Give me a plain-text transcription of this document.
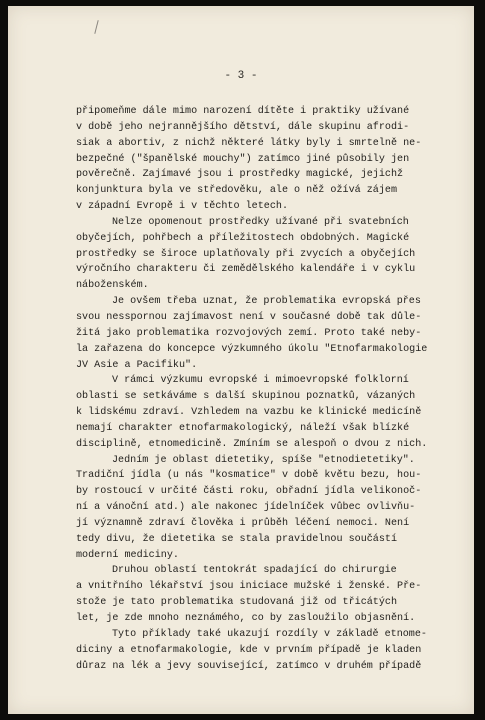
- 3 -
připomeňme dále mimo narození dítěte i praktiky užívané
v době jeho nejrannějšího dětství, dále skupinu afrodi-
siak a abortiv, z nichž některé látky byly i smrtelně ne-
bezpečné ("španělské mouchy") zatímco jiné působily jen
pověrečně. Zajímavé jsou i prostředky magické, jejichž
konjunktura byla ve středověku, ale o něž ožívá zájem
v západní Evropě i v těchto letech.
Nelze opomenout prostředky užívané při svatebních
obyčejích, pohřbech a příležitostech obdobných. Magické
prostředky se široce uplatňovaly při zvycích a obyčejích
výročního charakteru či zemědělského kalendáře i v cyklu
náboženském.
Je ovšem třeba uznat, že problematika evropská přes
svou nesspornou zajímavost není v současné době tak důle-
žitá jako problematika rozvojových zemí. Proto také neby-
la zařazena do koncepce výzkumného úkolu "Etnofarmakologie
JV Asie a Pacifiku".
V rámci výzkumu evropské i mimoevropské folklorní
oblasti se setkáváme s další skupinou poznatků, vázaných
k lidskému zdraví. Vzhledem na vazbu ke klinické medicíně
nemají charakter etnofarmakologický, náleží však blízké
disciplině, etnomedicině. Zmíním se alespoň o dvou z nich.
Jedním je oblast dietetiky, spíše "etnodietetiky".
Tradiční jídla (u nás "kosmatice" v době květu bezu, hou-
by rostoucí v určité části roku, obřadní jídla velikonoč-
ní a vánoční atd.) ale nakonec jídelníček vůbec ovlivňu-
jí významně zdraví člověka i průběh léčení nemoci. Není
tedy divu, že dietetika se stala pravidelnou součástí
moderní mediciny.
Druhou oblastí tentokrát spadající do chirurgie
a vnitřního lékařství jsou iniciace mužské i ženské. Pře-
stože je tato problematika studovaná již od třicátých
let, je zde mnoho neznámého, co by zasloužilo objasnění.
Tyto příklady také ukazují rozdíly v základě etnome-
diciny a etnofarmakologie, kde v prvním případě je kladen
důraz na lék a jevy související, zatímco v druhém případě
